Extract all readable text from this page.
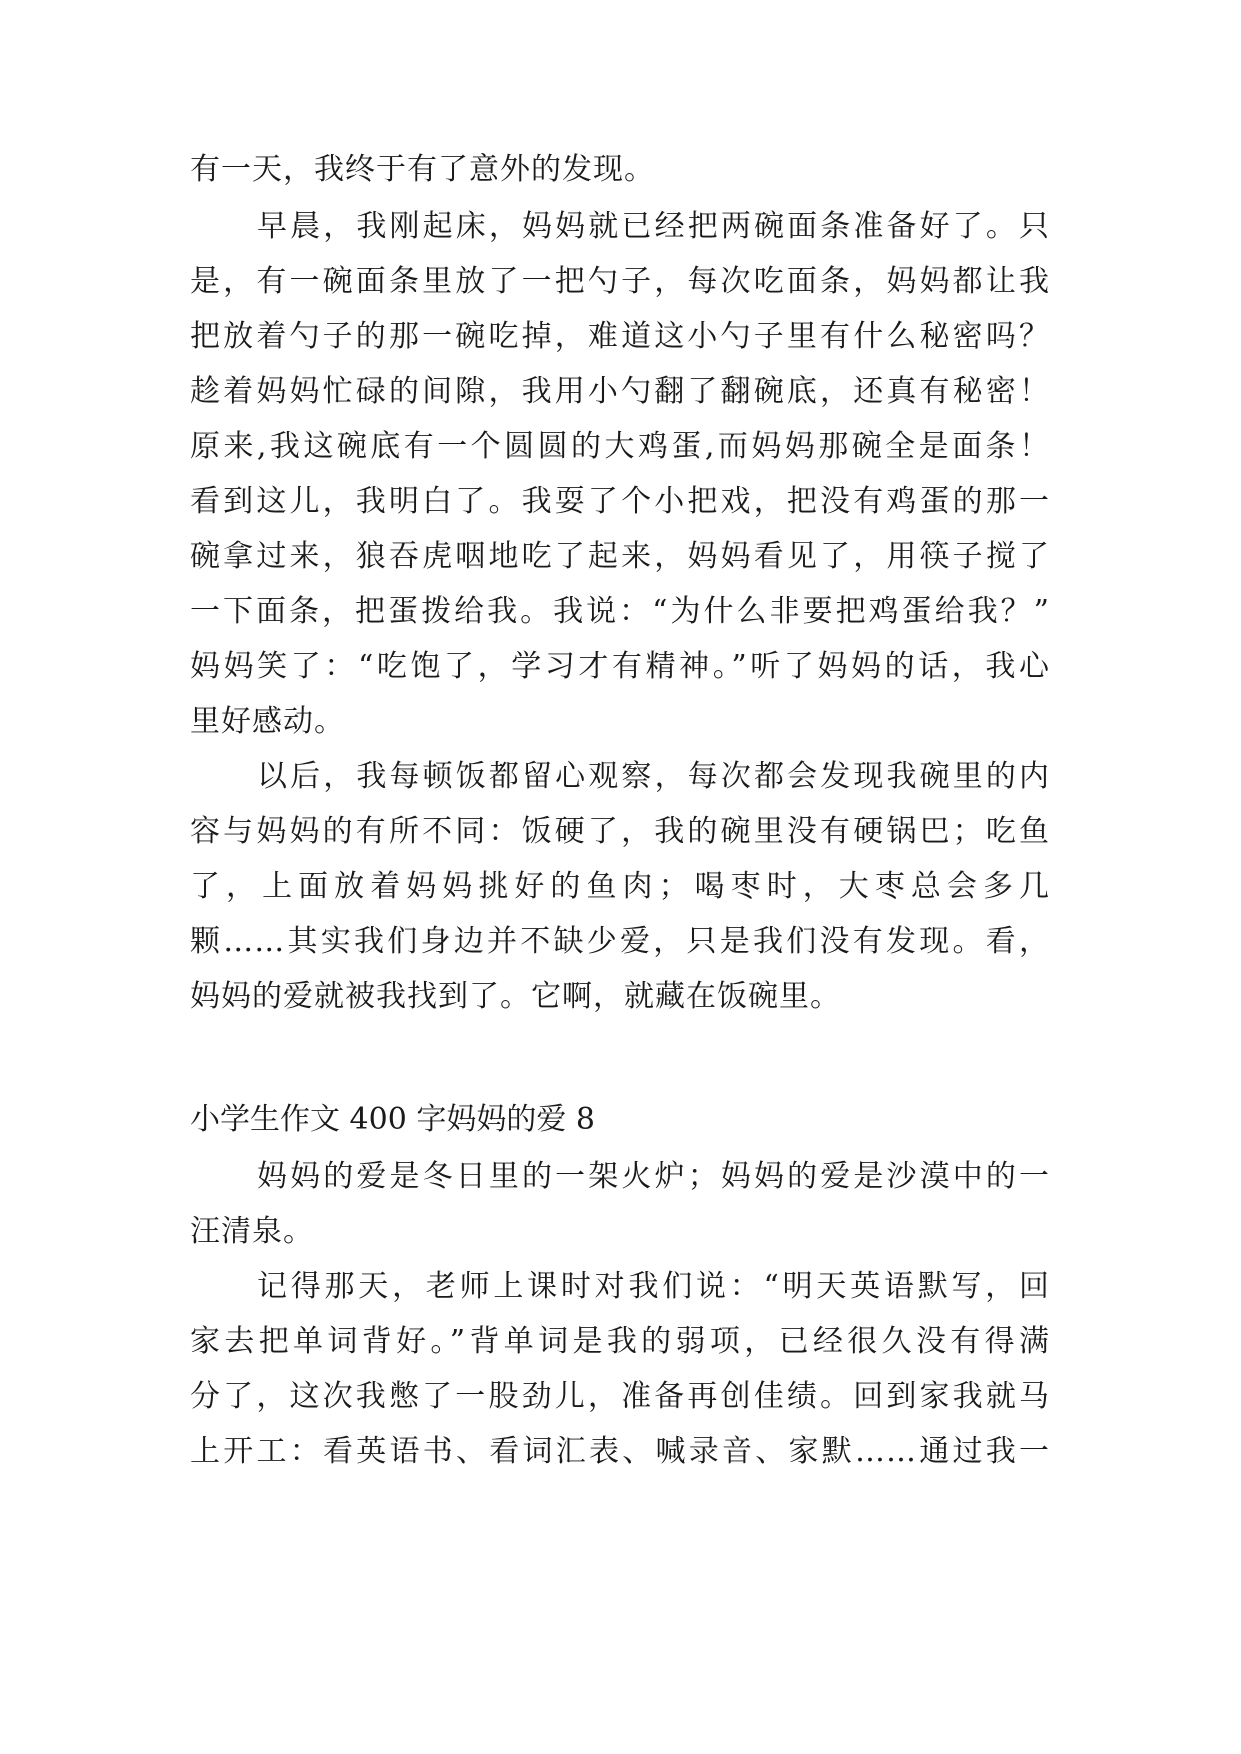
有一天，我终于有了意外的发现。
早晨，我刚起床，妈妈就已经把两碗面条准备好了。只
是，有一碗面条里放了一把勺子，每次吃面条，妈妈都让我
把放着勺子的那一碗吃掉，难道这小勺子里有什么秘密吗？
趁着妈妈忙碌的间隙，我用小勺翻了翻碗底，还真有秘密！
原来,我这碗底有一个圆圆的大鸡蛋,而妈妈那碗全是面条！
看到这儿，我明白了。我耍了个小把戏，把没有鸡蛋的那一
碗拿过来，狼吞虎咽地吃了起来，妈妈看见了，用筷子搅了
一下面条，把蛋拨给我。我说：“为什么非要把鸡蛋给我？”
妈妈笑了：“吃饱了，学习才有精神。”听了妈妈的话，我心
里好感动。
以后，我每顿饭都留心观察，每次都会发现我碗里的内
容与妈妈的有所不同：饭硬了，我的碗里没有硬锅巴；吃鱼
了，上面放着妈妈挑好的鱼肉；喝枣时，大枣总会多几
颗……其实我们身边并不缺少爱，只是我们没有发现。看，
妈妈的爱就被我找到了。它啊，就藏在饭碗里。
小学生作文 400 字妈妈的爱 8
妈妈的爱是冬日里的一架火炉；妈妈的爱是沙漠中的一
汪清泉。
记得那天，老师上课时对我们说：“明天英语默写，回
家去把单词背好。”背单词是我的弱项，已经很久没有得满
分了，这次我憋了一股劲儿，准备再创佳绩。回到家我就马
上开工：看英语书、看词汇表、喊录音、家默……通过我一
